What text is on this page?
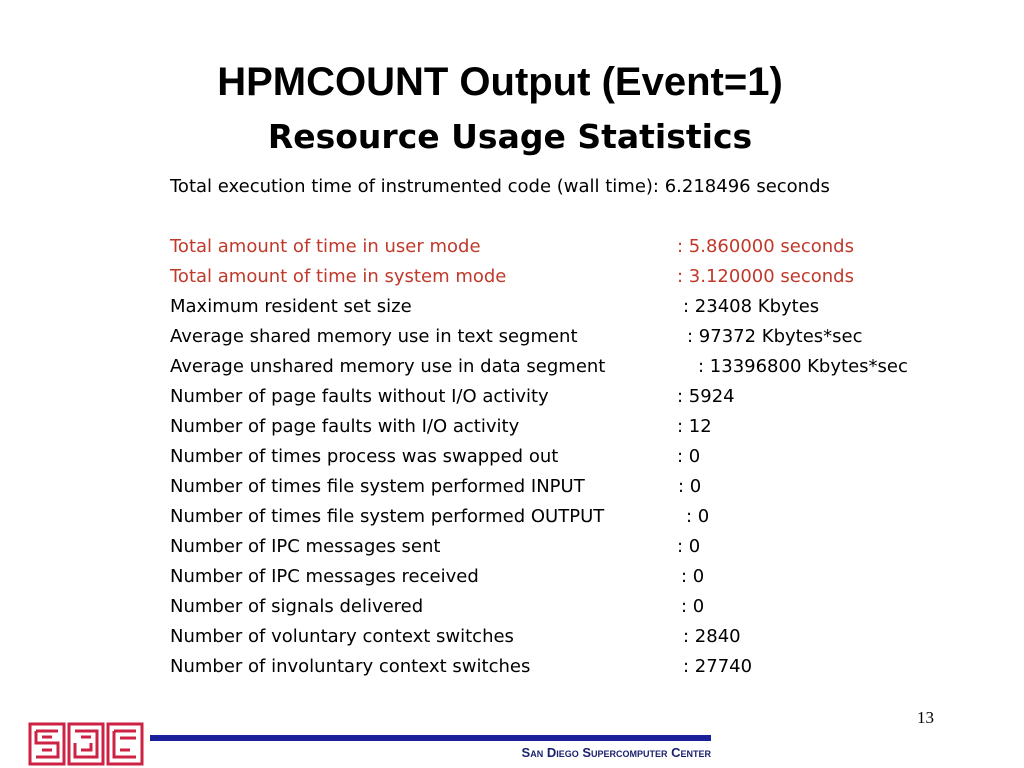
HPMCOUNT Output (Event=1)
Resource Usage Statistics
Total execution time of instrumented code (wall time): 6.218496 seconds
Total amount of time in user mode	: 5.860000 seconds
Total amount of time in system mode	: 3.120000 seconds
Maximum resident set size	: 23408 Kbytes
Average shared memory use in text segment	: 97372 Kbytes*sec
Average unshared memory use in data segment	: 13396800 Kbytes*sec
Number of page faults without I/O activity	: 5924
Number of page faults with I/O activity	: 12
Number of times process was swapped out	: 0
Number of times file system performed INPUT	: 0
Number of times file system performed OUTPUT	: 0
Number of IPC messages sent	: 0
Number of IPC messages received	: 0
Number of signals delivered	: 0
Number of voluntary context switches	: 2840
Number of involuntary context switches	: 27740
13
San Diego Supercomputer Center
